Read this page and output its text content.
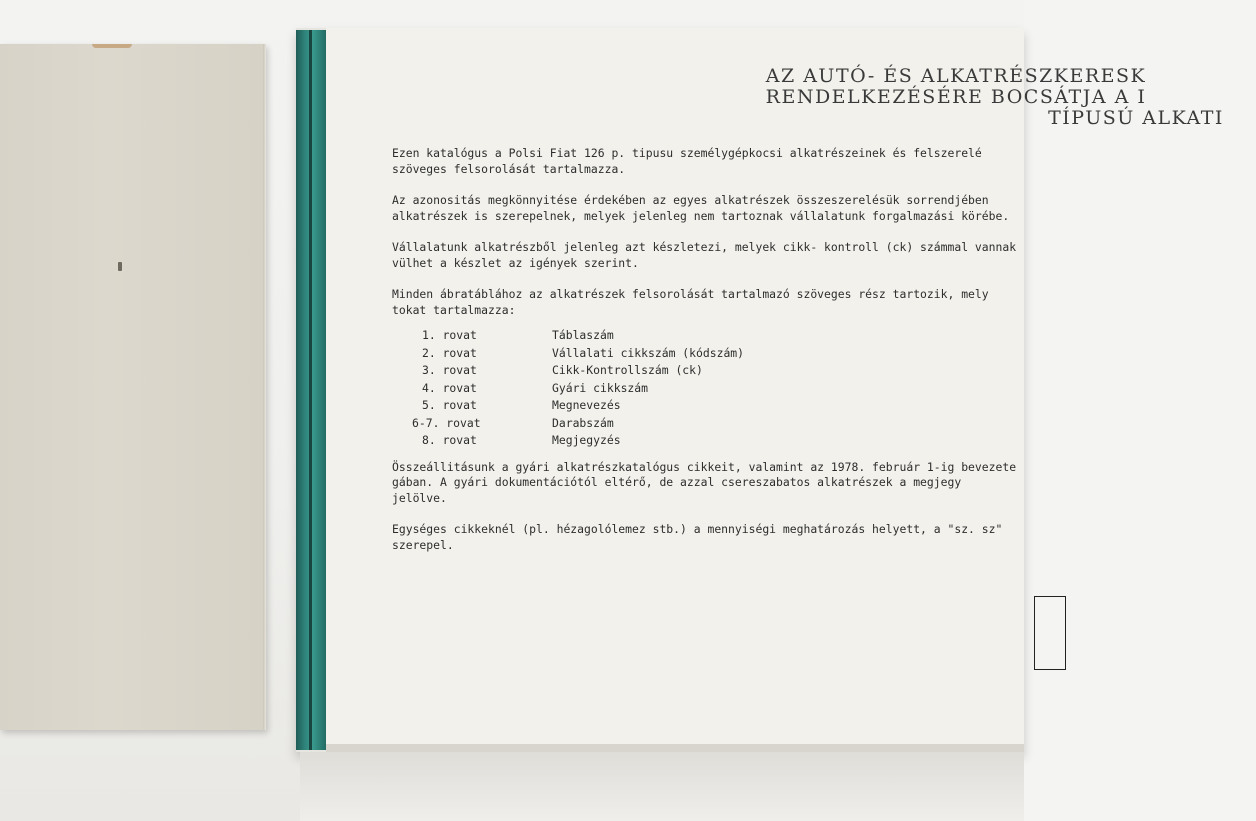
AZ AUTÓ- ÉS ALKATRÉSZKERESK
RENDELKEZÉSÉRE BOCSÁTJA A I
TÍPUSÚ ALKATI
Ezen katalógus a Polsi Fiat 126 p. tipusu személygépkocsi alkatrészeinek és felszerelé
szöveges felsorolását tartalmazza.
Az azonositás megkönnyitése érdekében az egyes alkatrészek összeszerelésük sorrendjében
alkatrészek is szerepelnek, melyek jelenleg nem tartoznak vállalatunk forgalmazási körébe.
Vállalatunk alkatrészből jelenleg azt készletezi, melyek cikk- kontroll (ck) számmal vannak
vülhet a készlet az igények szerint.
Minden ábratáblához az alkatrészek felsorolását tartalmazó szöveges rész tartozik, mely
tokat tartalmazza:
1. rovat	Táblaszám
2. rovat	Vállalati cikkszám (kódszám)
3. rovat	Cikk-Kontrollszám (ck)
4. rovat	Gyári cikkszám
5. rovat	Megnevezés
6-7. rovat	Darabszám
8. rovat	Megjegyzés
Összeállitásunk a gyári alkatrészkatalógus cikkeit, valamint az 1978. február 1-ig bevezete
gában. A gyári dokumentációtól eltérő, de azzal csereszabatos alkatrészek a megjegy
jelölve.
Egységes cikkeknél (pl. hézagolólemez stb.) a mennyiségi meghatározás helyett, a "sz. sz"
szerepel.
